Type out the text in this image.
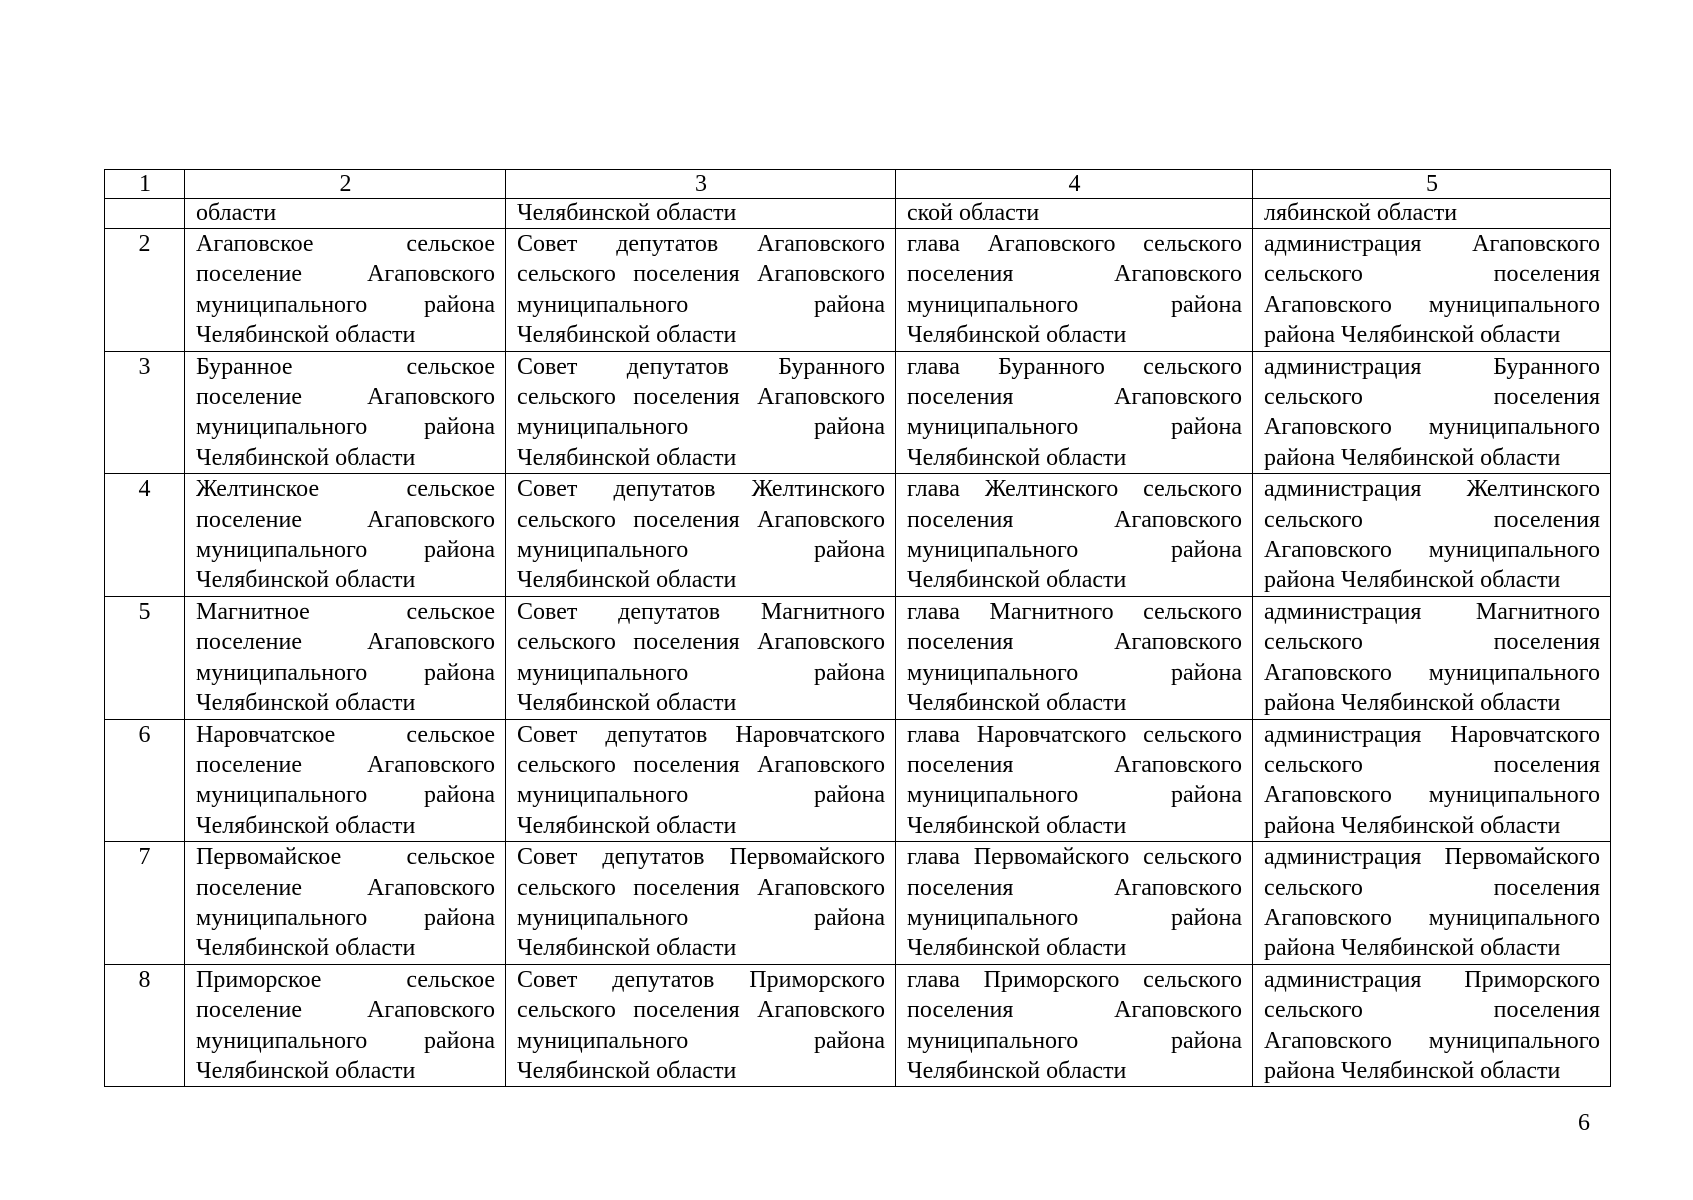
1	2	3	4	5
	области	Челябинской области	ской области	лябинской области
2	Агаповское сельское поселение Агаповского муниципального района Челябинской области	Совет депутатов Агаповского сельского поселения Агаповского муниципального района Челябинской области	глава Агаповского сельского поселения Агаповского муниципального района Челябинской области	администрация Агаповского сельского поселения Агаповского муниципального района Челябинской области
3	Буранное сельское поселение Агаповского муниципального района Челябинской области	Совет депутатов Буранного сельского поселения Агаповского муниципального района Челябинской области	глава Буранного сельского поселения Агаповского муниципального района Челябинской области	администрация Буранного сельского поселения Агаповского муниципального района Челябинской области
4	Желтинское сельское поселение Агаповского муниципального района Челябинской области	Совет депутатов Желтинского сельского поселения Агаповского муниципального района Челябинской области	глава Желтинского сельского поселения Агаповского муниципального района Челябинской области	администрация Желтинского сельского поселения Агаповского муниципального района Челябинской области
5	Магнитное сельское поселение Агаповского муниципального района Челябинской области	Совет депутатов Магнитного сельского поселения Агаповского муниципального района Челябинской области	глава Магнитного сельского поселения Агаповского муниципального района Челябинской области	администрация Магнитного сельского поселения Агаповского муниципального района Челябинской области
6	Наровчатское сельское поселение Агаповского муниципального района Челябинской области	Совет депутатов Наровчатского сельского поселения Агаповского муниципального района Челябинской области	глава Наровчатского сельского поселения Агаповского муниципального района Челябинской области	администрация Наровчатского сельского поселения Агаповского муниципального района Челябинской области
7	Первомайское сельское поселение Агаповского муниципального района Челябинской области	Совет депутатов Первомайского сельского поселения Агаповского муниципального района Челябинской области	глава Первомайского сельского поселения Агаповского муниципального района Челябинской области	администрация Первомайского сельского поселения Агаповского муниципального района Челябинской области
8	Приморское сельское поселение Агаповского муниципального района Челябинской области	Совет депутатов Приморского сельского поселения Агаповского муниципального района Челябинской области	глава Приморского сельского поселения Агаповского муниципального района Челябинской области	администрация Приморского сельского поселения Агаповского муниципального района Челябинской области
6
